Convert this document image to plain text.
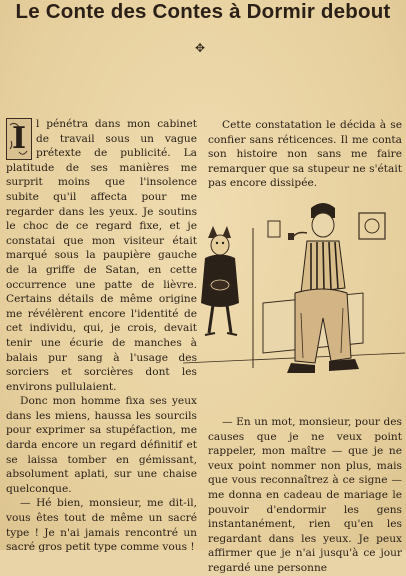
Le Conte des Contes à Dormir debout
✥

I l pénétra dans mon cabinet de travail sous un vague prétexte de publicité. La platitude de ses manières me surprit moins que l'insolence subite qu'il affecta pour me regarder dans les yeux. Je soutins le choc de ce regard fixe, et je constatai que mon visiteur était marqué sous la paupière gauche de la griffe de Satan, en cette occurrence une patte de lièvre. Certains détails de même origine me révélèrent encore l'identité de cet individu, qui, je crois, devait tenir une écurie de manches à balais pur sang à l'usage des sorciers et sorcières dont les environs pullulaient.

Donc mon homme fixa ses yeux dans les miens, haussa les sourcils pour exprimer sa stupéfaction, me darda encore un regard définitif et se laissa tomber en gémissant, absolument aplati, sur une chaise quelconque.

— Hé bien, monsieur, me dit-il, vous êtes tout de même un sacré type ! Je n'ai jamais rencontré un sacré gros petit type comme vous !

Cette constatation le décida à se confier sans réticences. Il me conta son histoire non sans me faire remarquer que sa stupeur ne s'était pas encore dissipée.

— En un mot, monsieur, pour des causes que je ne veux point rappeler, mon maître — que je ne veux point nommer non plus, mais que vous reconnaîtrez à ce signe — me donna en cadeau de mariage le pouvoir d'endormir les gens instantanément, rien qu'en les regardant dans les yeux. Je peux affirmer que je n'ai jusqu'à ce jour regardé une personne
